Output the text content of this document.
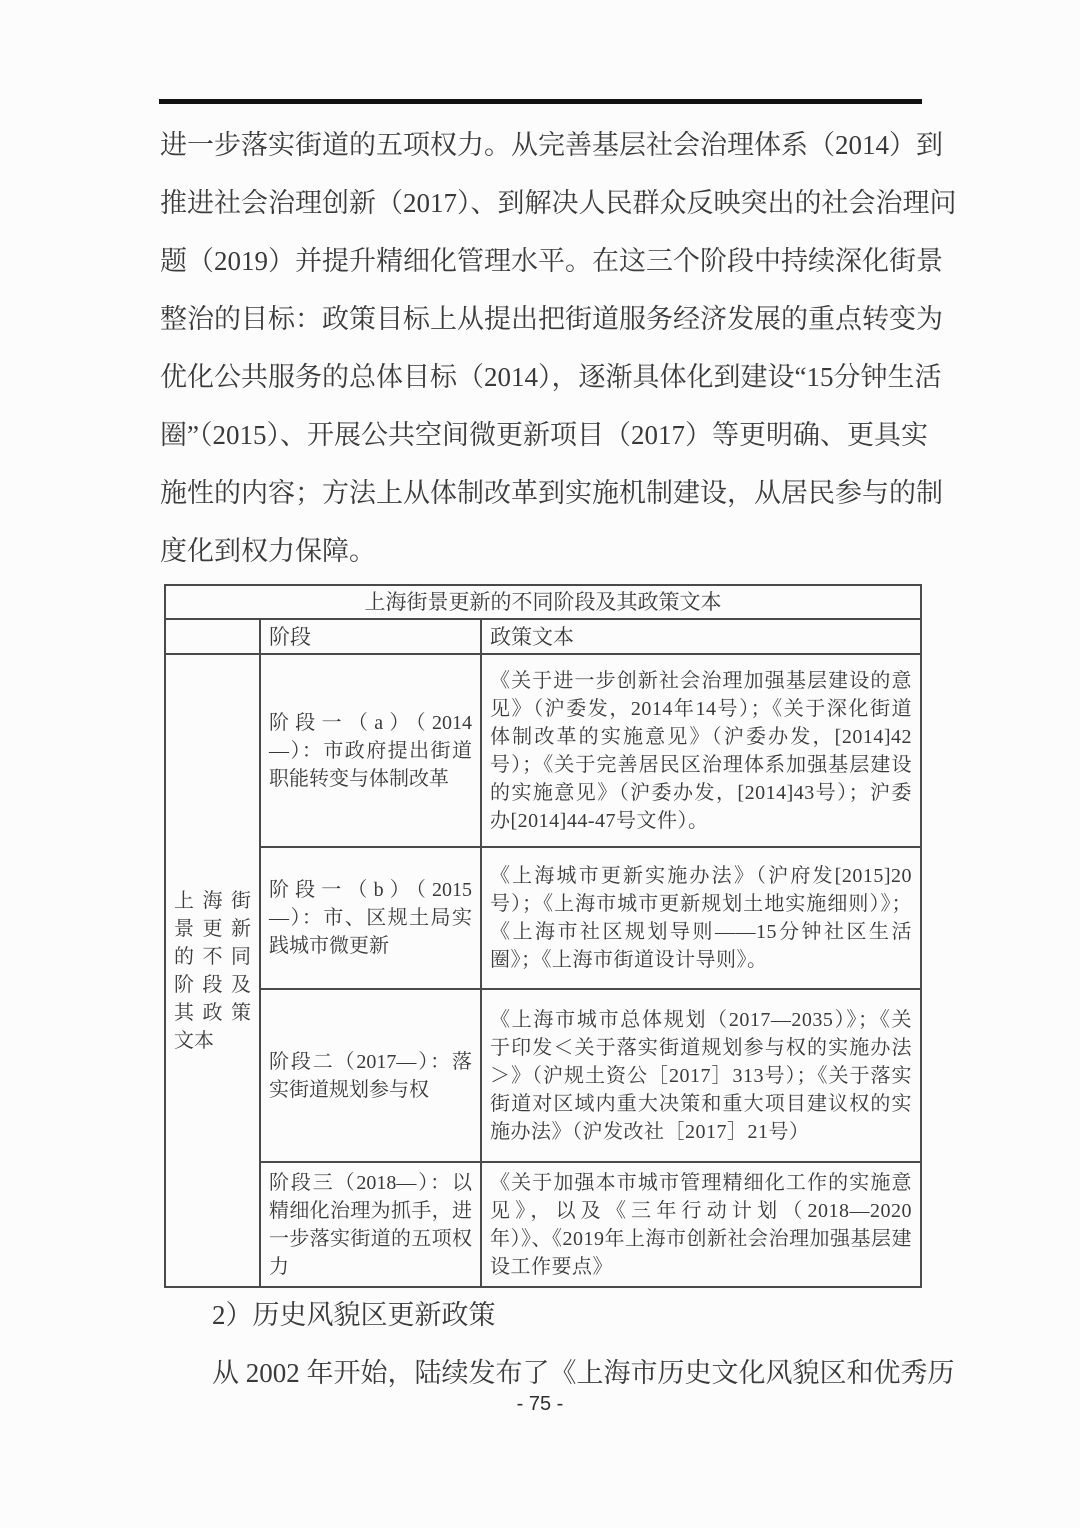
进一步落实街道的五项权力。从完善基层社会治理体系（2014）到
推进社会治理创新（2017）、到解决人民群众反映突出的社会治理问
题（2019）并提升精细化管理水平。在这三个阶段中持续深化街景
整治的目标：政策目标上从提出把街道服务经济发展的重点转变为
优化公共服务的总体目标（2014），逐渐具体化到建设“15分钟生活
圈”（2015）、开展公共空间微更新项目（2017）等更明确、更具实
施性的内容；方法上从体制改革到实施机制建设，从居民参与的制
度化到权力保障。
上海街景更新的不同阶段及其政策文本		
	阶段	政策文本
上海街景更新的不同阶段及其政策文本	阶段一（a）（2014—）：市政府提出街道职能转变与体制改革	《关于进一步创新社会治理加强基层建设的意见》（沪委发，2014年14号）；《关于深化街道体制改革的实施意见》（沪委办发，[2014]42号）；《关于完善居民区治理体系加强基层建设的实施意见》（沪委办发，[2014]43号）；沪委办[2014]44-47号文件）。
	阶段一（b）（2015—）：市、区规土局实践城市微更新	《上海城市更新实施办法》（沪府发[2015]20号）；《上海市城市更新规划土地实施细则）》；《上海市社区规划导则——15分钟社区生活圈》；《上海市街道设计导则》。
	阶段二（2017—）：落实街道规划参与权	《上海市城市总体规划（2017—2035）》；《关于印发＜关于落实街道规划参与权的实施办法＞》（沪规土资公［2017］313号）；《关于落实街道对区域内重大决策和重大项目建议权的实施办法》（沪发改社［2017］21号）
	阶段三（2018—）：以精细化治理为抓手，进一步落实街道的五项权力	《关于加强本市城市管理精细化工作的实施意见》，以及《三年行动计划（2018—2020年）》、《2019年上海市创新社会治理加强基层建设工作要点》
2）历史风貌区更新政策
从 2002 年开始，陆续发布了《上海市历史文化风貌区和优秀历
- 75 -
